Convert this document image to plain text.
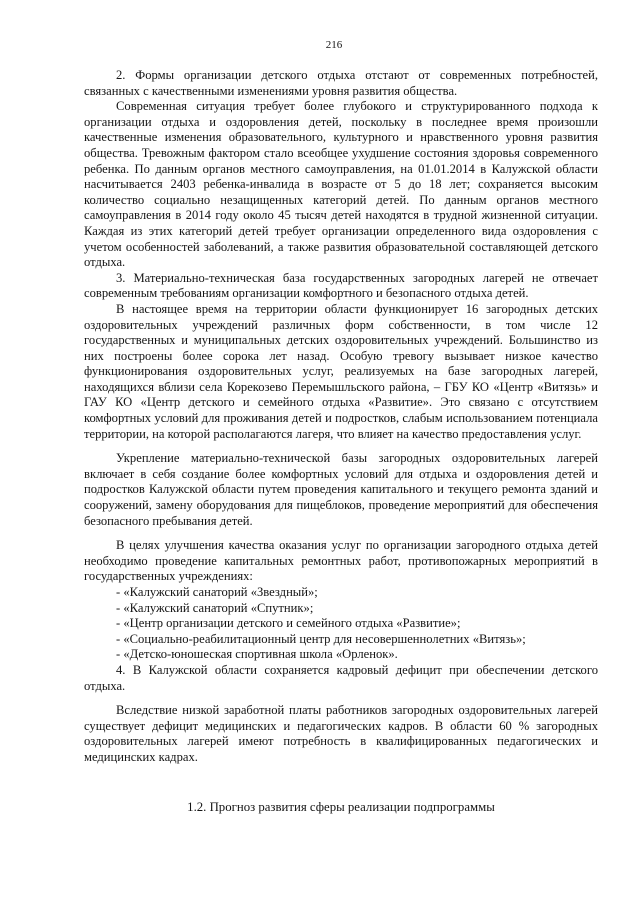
216

2. Формы организации детского отдыха отстают от современных потребностей, связанных с качественными изменениями уровня развития общества.

Современная ситуация требует более глубокого и структурированного подхода к организации отдыха и оздоровления детей, поскольку в последнее время произошли качественные изменения образовательного, культурного и нравственного уровня развития общества. Тревожным фактором стало всеобщее ухудшение состояния здоровья современного ребенка. По данным органов местного самоуправления, на 01.01.2014 в Калужской области насчитывается 2403 ребенка-инвалида в возрасте от 5 до 18 лет; сохраняется высоким количество социально незащищенных категорий детей. По данным органов местного самоуправления в 2014 году около 45 тысяч детей находятся в трудной жизненной ситуации. Каждая из этих категорий детей требует организации определенного вида оздоровления с учетом особенностей заболеваний, а также развития образовательной составляющей детского отдыха.

3. Материально-техническая база государственных загородных лагерей не отвечает современным требованиям организации комфортного и безопасного отдыха детей.

В настоящее время на территории области функционирует 16 загородных детских оздоровительных учреждений различных форм собственности, в том числе 12 государственных и муниципальных детских оздоровительных учреждений. Большинство из них построены более сорока лет назад. Особую тревогу вызывает низкое качество функционирования оздоровительных услуг, реализуемых на базе загородных лагерей, находящихся вблизи села Корекозево Перемышльского района, – ГБУ КО «Центр «Витязь» и ГАУ КО «Центр детского и семейного отдыха «Развитие». Это связано с отсутствием комфортных условий для проживания детей и подростков, слабым использованием потенциала территории, на которой располагаются лагеря, что влияет на качество предоставления услуг.

Укрепление материально-технической базы загородных оздоровительных лагерей включает в себя создание более комфортных условий для отдыха и оздоровления детей и подростков Калужской области путем проведения капитального и текущего ремонта зданий и сооружений, замену оборудования для пищеблоков, проведение мероприятий для обеспечения безопасного пребывания детей.

В целях улучшения качества оказания услуг по организации загородного отдыха детей необходимо проведение капитальных ремонтных работ, противопожарных мероприятий в государственных учреждениях:

- «Калужский санаторий «Звездный»;
- «Калужский санаторий «Спутник»;
- «Центр организации детского и семейного отдыха «Развитие»;
- «Социально-реабилитационный центр для несовершеннолетних «Витязь»;
- «Детско-юношеская спортивная школа «Орленок».

4. В Калужской области сохраняется кадровый дефицит при обеспечении детского отдыха.

Вследствие низкой заработной платы работников загородных оздоровительных лагерей существует дефицит медицинских и педагогических кадров. В области 60 % загородных оздоровительных лагерей имеют потребность в квалифицированных педагогических и медицинских кадрах.

1.2. Прогноз развития сферы реализации подпрограммы
